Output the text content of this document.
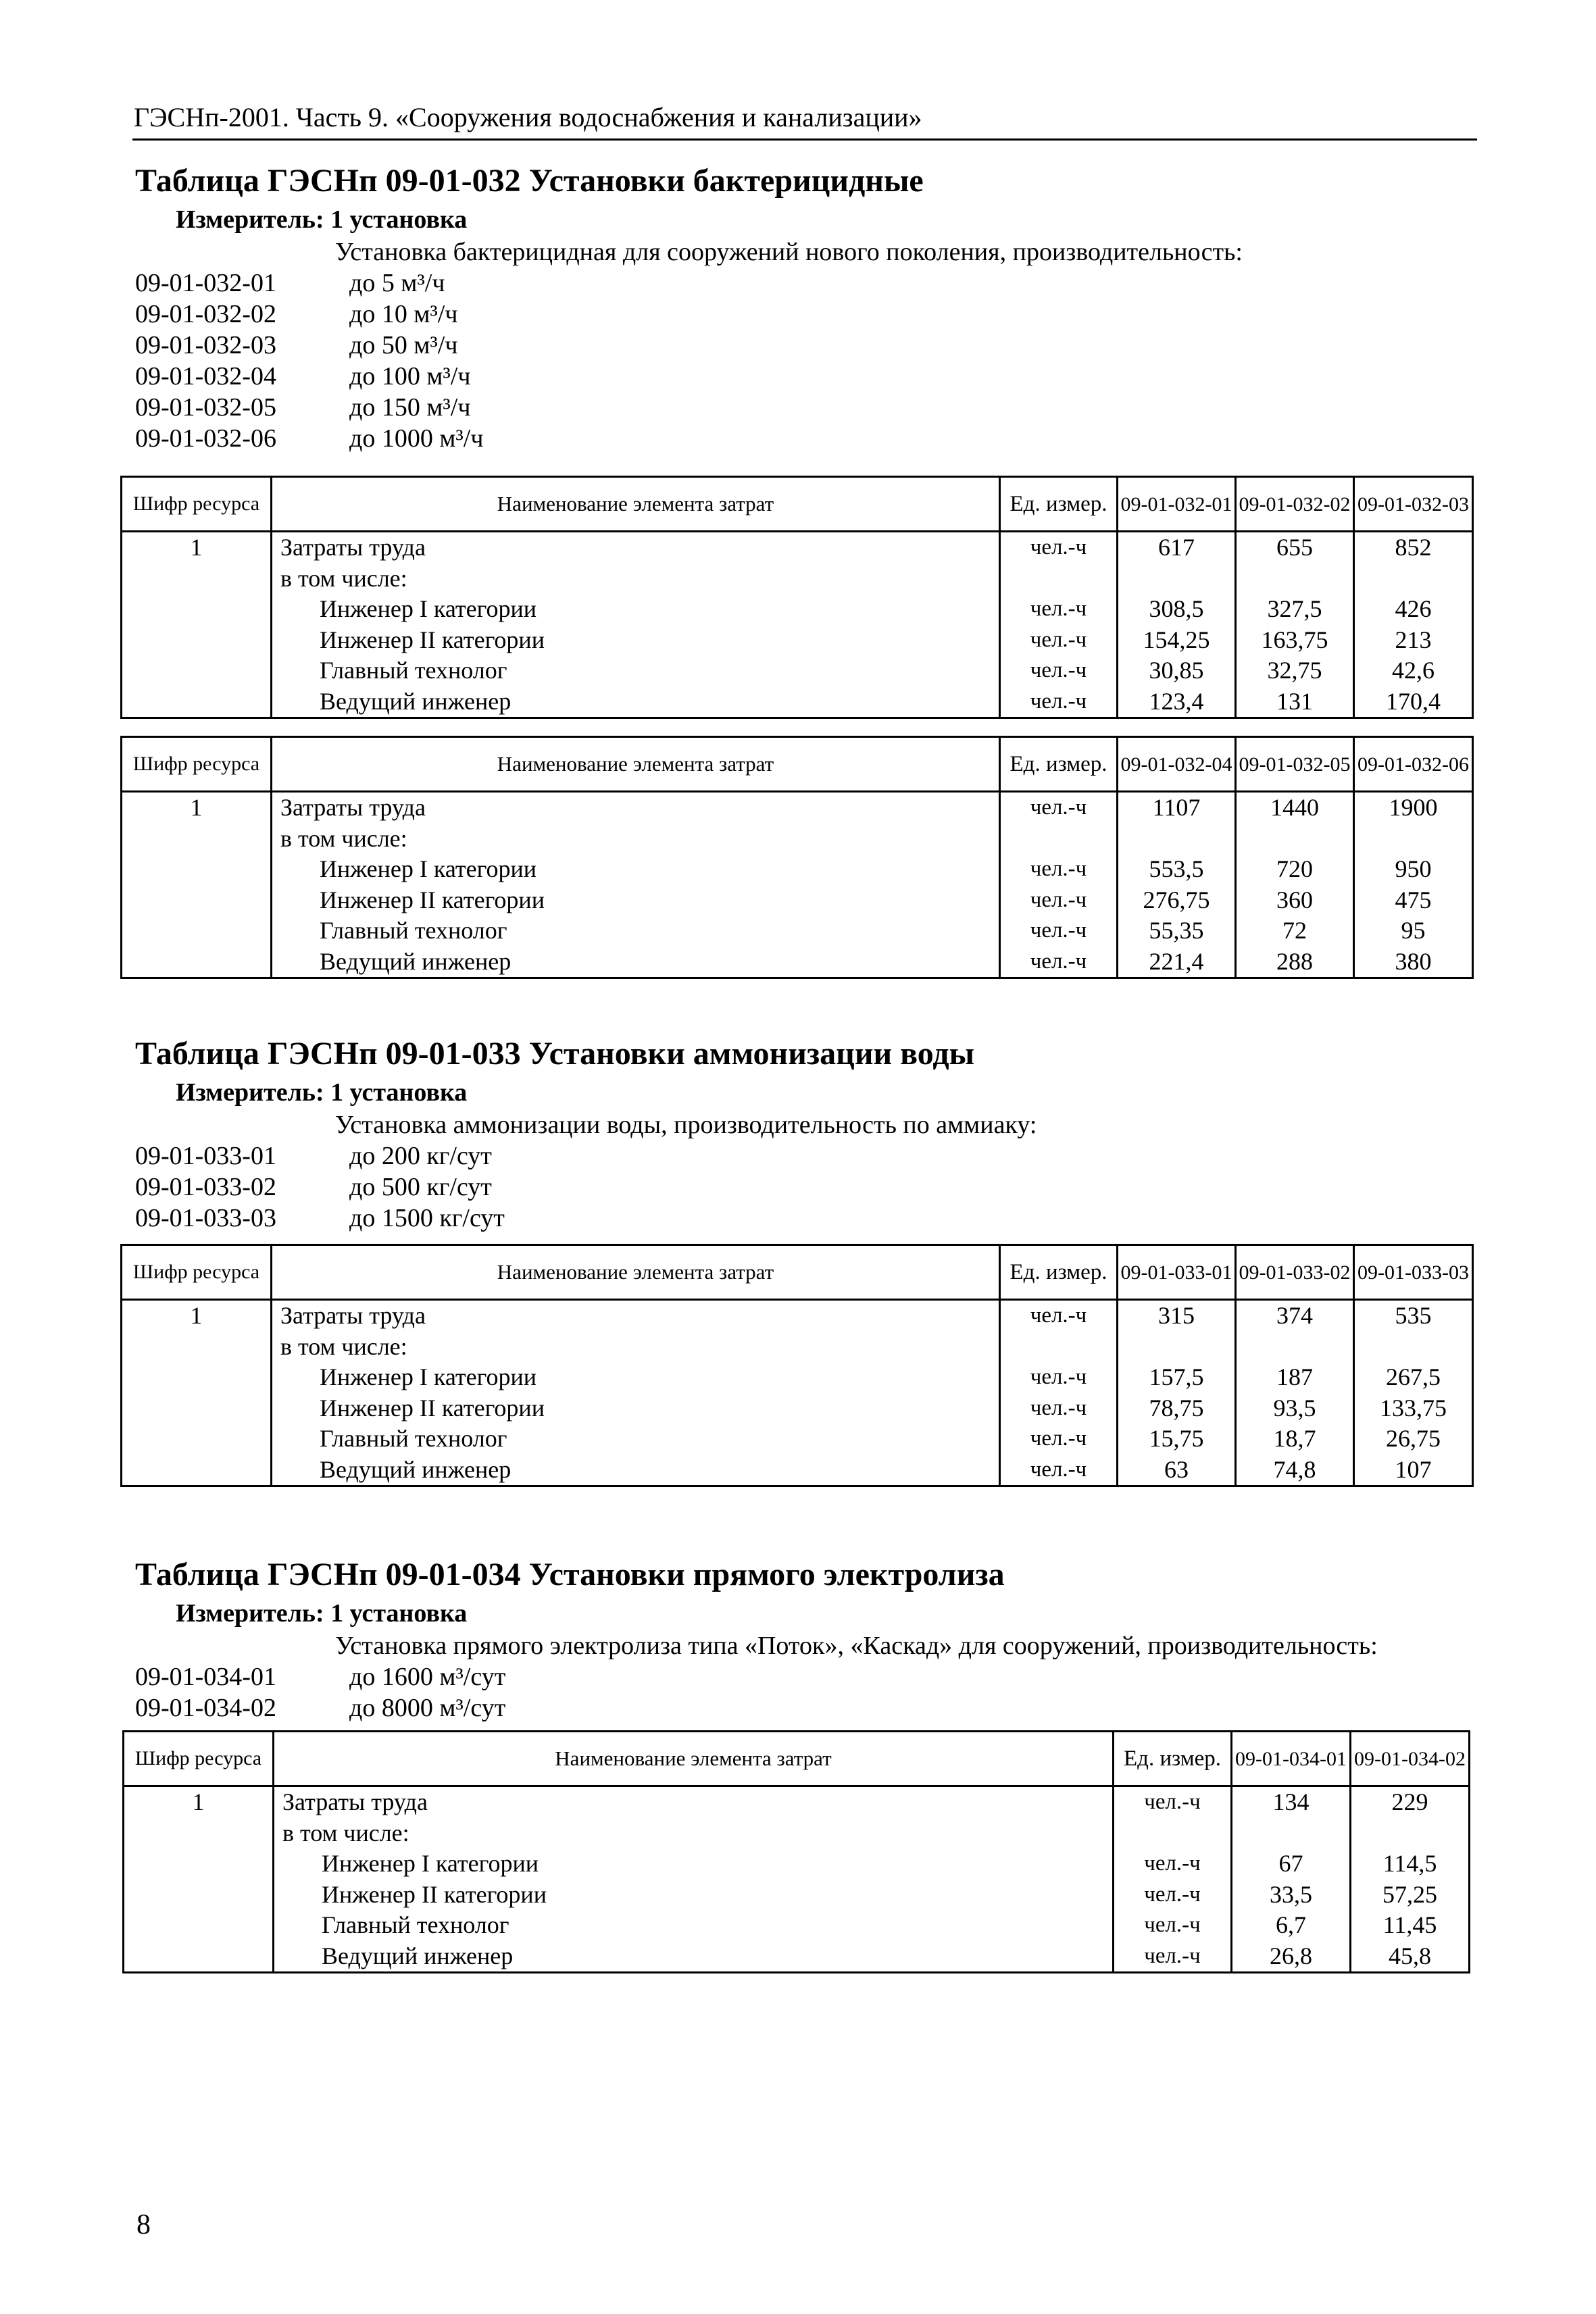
ГЭСНп-2001. Часть 9. «Сооружения водоснабжения и канализации»
Таблица ГЭСНп 09-01-032 Установки бактерицидные
Измеритель: 1 установка
Установка бактерицидная для сооружений нового поколения, производительность:
09-01-032-01	до 5 м³/ч
09-01-032-02	до 10 м³/ч
09-01-032-03	до 50 м³/ч
09-01-032-04	до 100 м³/ч
09-01-032-05	до 150 м³/ч
09-01-032-06	до 1000 м³/ч
Шифр ресурса	Наименование элемента затрат	Ед. измер.	09-01-032-01	09-01-032-02	09-01-032-03
1	Затраты труда	чел.-ч	617	655	852
	в том числе:				
	Инженер I категории	чел.-ч	308,5	327,5	426
	Инженер II категории	чел.-ч	154,25	163,75	213
	Главный технолог	чел.-ч	30,85	32,75	42,6
	Ведущий инженер	чел.-ч	123,4	131	170,4
Шифр ресурса	Наименование элемента затрат	Ед. измер.	09-01-032-04	09-01-032-05	09-01-032-06
1	Затраты труда	чел.-ч	1107	1440	1900
	в том числе:				
	Инженер I категории	чел.-ч	553,5	720	950
	Инженер II категории	чел.-ч	276,75	360	475
	Главный технолог	чел.-ч	55,35	72	95
	Ведущий инженер	чел.-ч	221,4	288	380
Таблица ГЭСНп 09-01-033 Установки аммонизации воды
Измеритель: 1 установка
Установка аммонизации воды, производительность по аммиаку:
09-01-033-01	до 200 кг/сут
09-01-033-02	до 500 кг/сут
09-01-033-03	до 1500 кг/сут
Шифр ресурса	Наименование элемента затрат	Ед. измер.	09-01-033-01	09-01-033-02	09-01-033-03
1	Затраты труда	чел.-ч	315	374	535
	в том числе:				
	Инженер I категории	чел.-ч	157,5	187	267,5
	Инженер II категории	чел.-ч	78,75	93,5	133,75
	Главный технолог	чел.-ч	15,75	18,7	26,75
	Ведущий инженер	чел.-ч	63	74,8	107
Таблица ГЭСНп 09-01-034 Установки прямого электролиза
Измеритель: 1 установка
Установка прямого электролиза типа «Поток», «Каскад» для сооружений, производительность:
09-01-034-01	до 1600 м³/сут
09-01-034-02	до 8000 м³/сут
Шифр ресурса	Наименование элемента затрат	Ед. измер.	09-01-034-01	09-01-034-02
1	Затраты труда	чел.-ч	134	229
	в том числе:			
	Инженер I категории	чел.-ч	67	114,5
	Инженер II категории	чел.-ч	33,5	57,25
	Главный технолог	чел.-ч	6,7	11,45
	Ведущий инженер	чел.-ч	26,8	45,8
8
